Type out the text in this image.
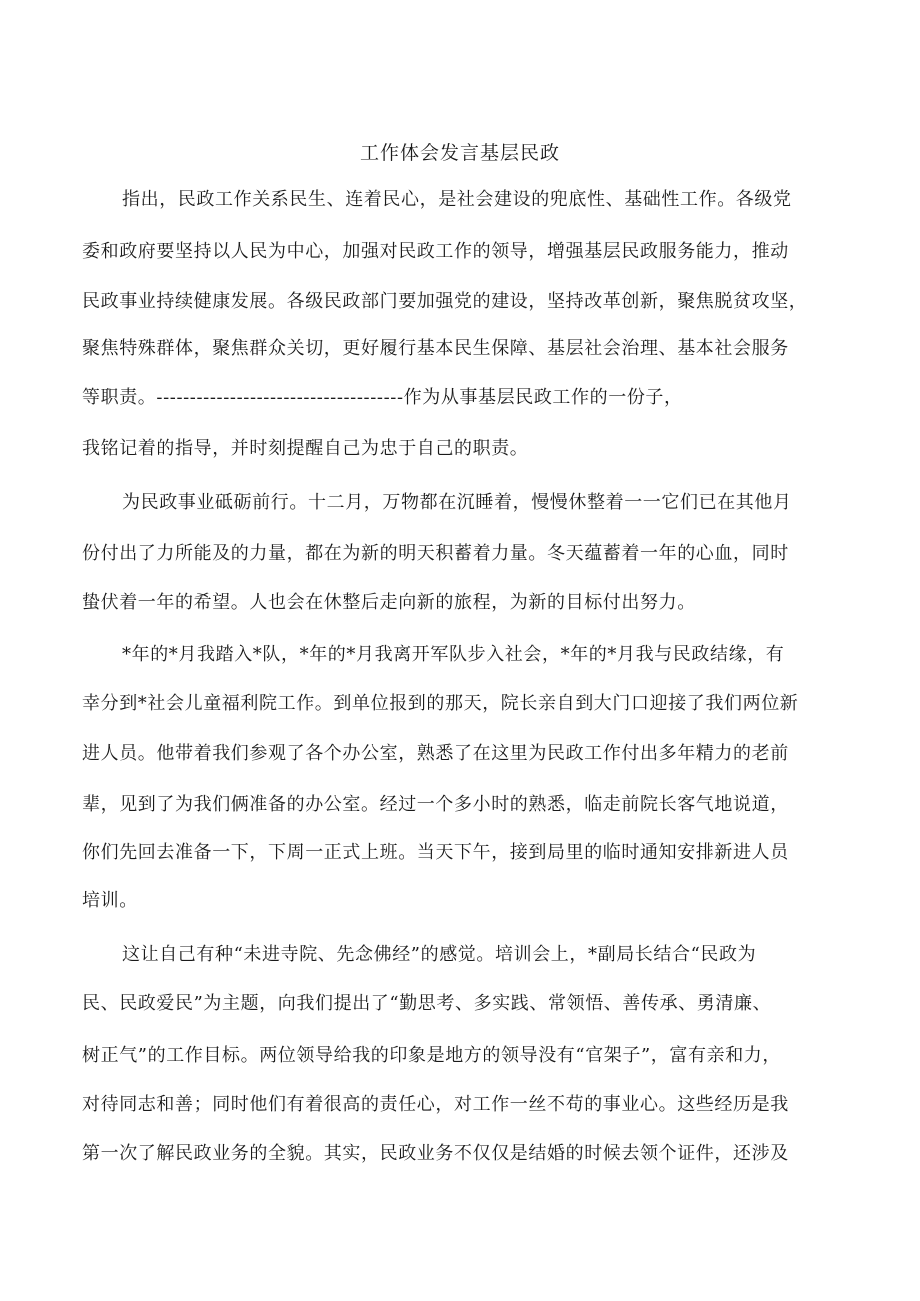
工作体会发言基层民政
指出，民政工作关系民生、连着民心，是社会建设的兜底性、基础性工作。各级党
委和政府要坚持以人民为中心，加强对民政工作的领导，增强基层民政服务能力，推动
民政事业持续健康发展。各级民政部门要加强党的建设，坚持改革创新，聚焦脱贫攻坚，
聚焦特殊群体，聚焦群众关切，更好履行基本民生保障、基层社会治理、基本社会服务
等职责。-------------------------------------作为从事基层民政工作的一份子，
我铭记着的指导，并时刻提醒自己为忠于自己的职责。
为民政事业砥砺前行。十二月，万物都在沉睡着，慢慢休整着一一它们已在其他月
份付出了力所能及的力量，都在为新的明天积蓄着力量。冬天蕴蓄着一年的心血，同时
蛰伏着一年的希望。人也会在休整后走向新的旅程，为新的目标付出努力。
*年的*月我踏入*队，*年的*月我离开军队步入社会，*年的*月我与民政结缘，有
幸分到*社会儿童福利院工作。到单位报到的那天，院长亲自到大门口迎接了我们两位新
进人员。他带着我们参观了各个办公室，熟悉了在这里为民政工作付出多年精力的老前
辈，见到了为我们俩准备的办公室。经过一个多小时的熟悉，临走前院长客气地说道，
你们先回去准备一下，下周一正式上班。当天下午，接到局里的临时通知安排新进人员
培训。
这让自己有种“未进寺院、先念佛经”的感觉。培训会上，*副局长结合“民政为
民、民政爱民”为主题，向我们提出了“勤思考、多实践、常领悟、善传承、勇清廉、
树正气”的工作目标。两位领导给我的印象是地方的领导没有“官架子”，富有亲和力，
对待同志和善；同时他们有着很高的责任心，对工作一丝不苟的事业心。这些经历是我
第一次了解民政业务的全貌。其实，民政业务不仅仅是结婚的时候去领个证件，还涉及
